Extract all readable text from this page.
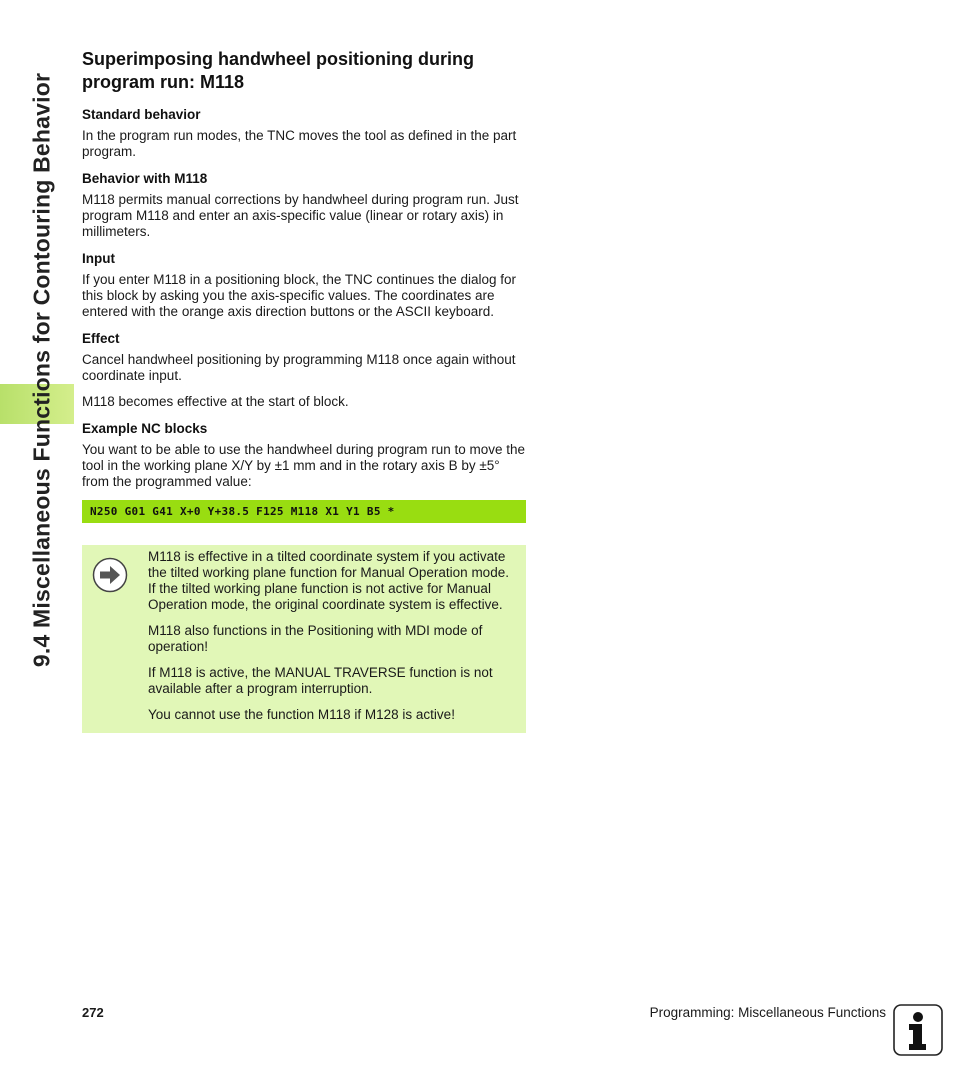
9.4 Miscellaneous Functions for Contouring Behavior
Superimposing handwheel positioning during program run: M118
Standard behavior

In the program run modes, the TNC moves the tool as defined in the part program.

Behavior with M118

M118 permits manual corrections by handwheel during program run. Just program M118 and enter an axis-specific value (linear or rotary axis) in millimeters.

Input

If you enter M118 in a positioning block, the TNC continues the dialog for this block by asking you the axis-specific values. The coordinates are entered with the orange axis direction buttons or the ASCII keyboard.

Effect

Cancel handwheel positioning by programming M118 once again without coordinate input.

M118 becomes effective at the start of block.

Example NC blocks

You want to be able to use the handwheel during program run to move the tool in the working plane X/Y by ±1 mm and in the rotary axis B by ±5° from the programmed value:

N250 G01 G41 X+0 Y+38.5 F125 M118 X1 Y1 B5 *

M118 is effective in a tilted coordinate system if you activate the tilted working plane function for Manual Operation mode. If the tilted working plane function is not active for Manual Operation mode, the original coordinate system is effective.

M118 also functions in the Positioning with MDI mode of operation!

If M118 is active, the MANUAL TRAVERSE function is not available after a program interruption.

You cannot use the function M118 if M128 is active!

272	Programming: Miscellaneous Functions
